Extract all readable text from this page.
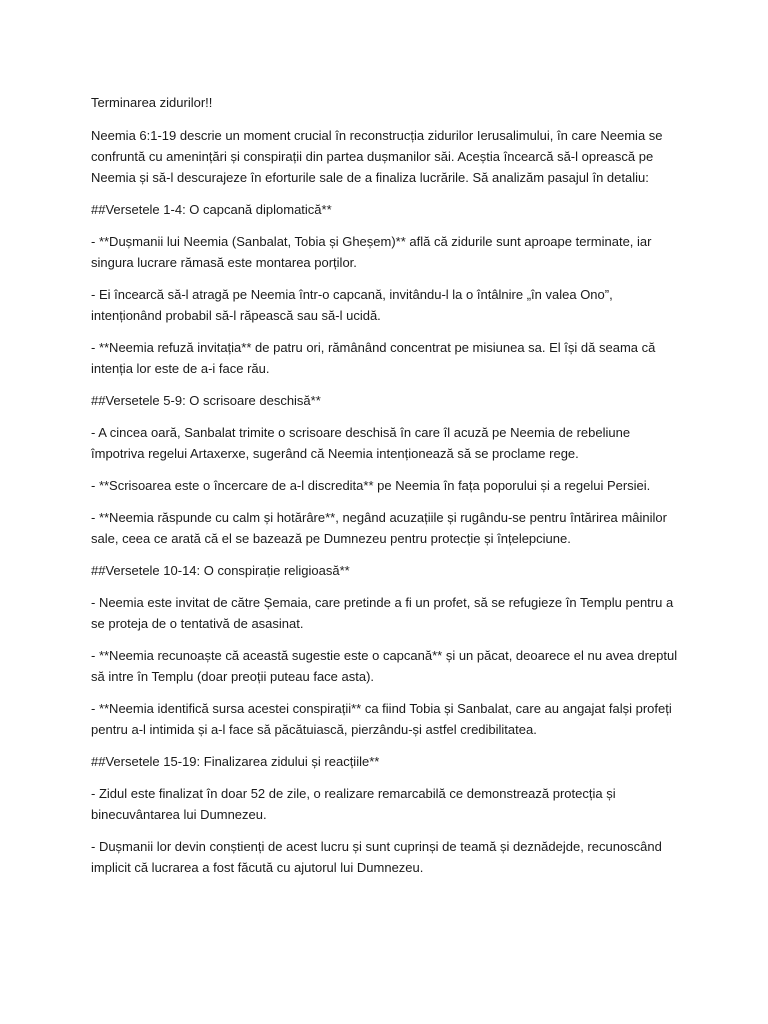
Terminarea zidurilor!!

Neemia 6:1-19 descrie un moment crucial în reconstrucția zidurilor Ierusalimului, în care Neemia se confruntă cu amenințări și conspirații din partea dușmanilor săi. Aceștia încearcă să-l oprească pe Neemia și să-l descurajeze în eforturile sale de a finaliza lucrările. Să analizăm pasajul în detaliu:

##Versetele 1-4: O capcană diplomatică**

- **Dușmanii lui Neemia (Sanbalat, Tobia și Gheșem)** află că zidurile sunt aproape terminate, iar singura lucrare rămasă este montarea porților.

- Ei încearcă să-l atragă pe Neemia într-o capcană, invitându-l la o întâlnire „în valea Ono”, intenționând probabil să-l răpească sau să-l ucidă.

- **Neemia refuză invitația** de patru ori, rămânând concentrat pe misiunea sa. El își dă seama că intenția lor este de a-i face rău.

##Versetele 5-9: O scrisoare deschisă**

- A cincea oară, Sanbalat trimite o scrisoare deschisă în care îl acuză pe Neemia de rebeliune împotriva regelui Artaxerxe, sugerând că Neemia intenționează să se proclame rege.

- **Scrisoarea este o încercare de a-l discredita** pe Neemia în fața poporului și a regelui Persiei.

- **Neemia răspunde cu calm și hotărâre**, negând acuzațiile și rugându-se pentru întărirea mâinilor sale, ceea ce arată că el se bazează pe Dumnezeu pentru protecție și înțelepciune.

##Versetele 10-14: O conspirație religioasă**

- Neemia este invitat de către Șemaia, care pretinde a fi un profet, să se refugieze în Templu pentru a se proteja de o tentativă de asasinat.

- **Neemia recunoaște că această sugestie este o capcană** și un păcat, deoarece el nu avea dreptul să intre în Templu (doar preoții puteau face asta).

- **Neemia identifică sursa acestei conspirații** ca fiind Tobia și Sanbalat, care au angajat falși profeți pentru a-l intimida și a-l face să păcătuiască, pierzându-și astfel credibilitatea.

##Versetele 15-19: Finalizarea zidului și reacțiile**

- Zidul este finalizat în doar 52 de zile, o realizare remarcabilă ce demonstrează protecția și binecuvântarea lui Dumnezeu.

- Dușmanii lor devin conștienți de acest lucru și sunt cuprinși de teamă și deznădejde, recunoscând implicit că lucrarea a fost făcută cu ajutorul lui Dumnezeu.
